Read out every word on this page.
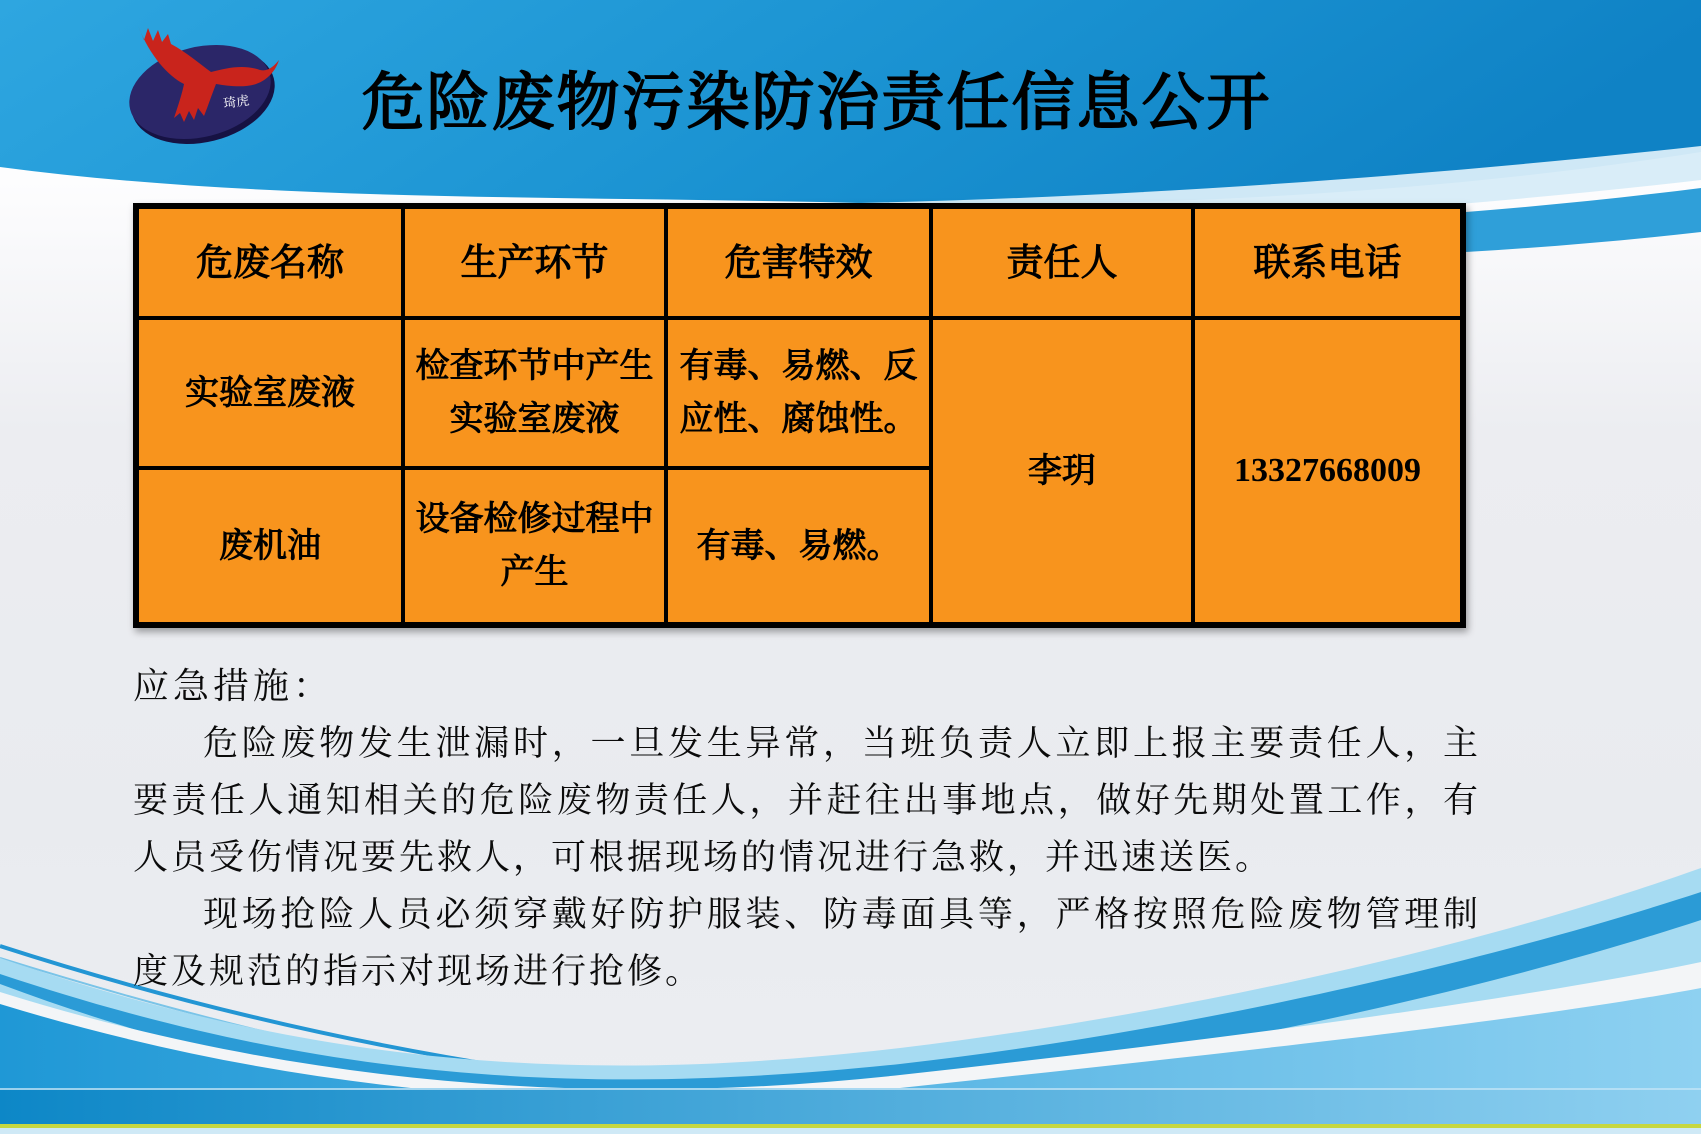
琦虎	危险废物污染防治责任信息公开
危废名称	生产环节	危害特效	责任人	联系电话
实验室废液	检查环节中产生实验室废液	有毒、易燃、反应性、腐蚀性。	李玥	13327668009
废机油	设备检修过程中产生	有毒、易燃。		
应急措施：

危险废物发生泄漏时，一旦发生异常，当班负责人立即上报主要责任人，主要责任人通知相关的危险废物责任人，并赶往出事地点，做好先期处置工作，有人员受伤情况要先救人，可根据现场的情况进行急救，并迅速送医。

现场抢险人员必须穿戴好防护服装、防毒面具等，严格按照危险废物管理制度及规范的指示对现场进行抢修。
